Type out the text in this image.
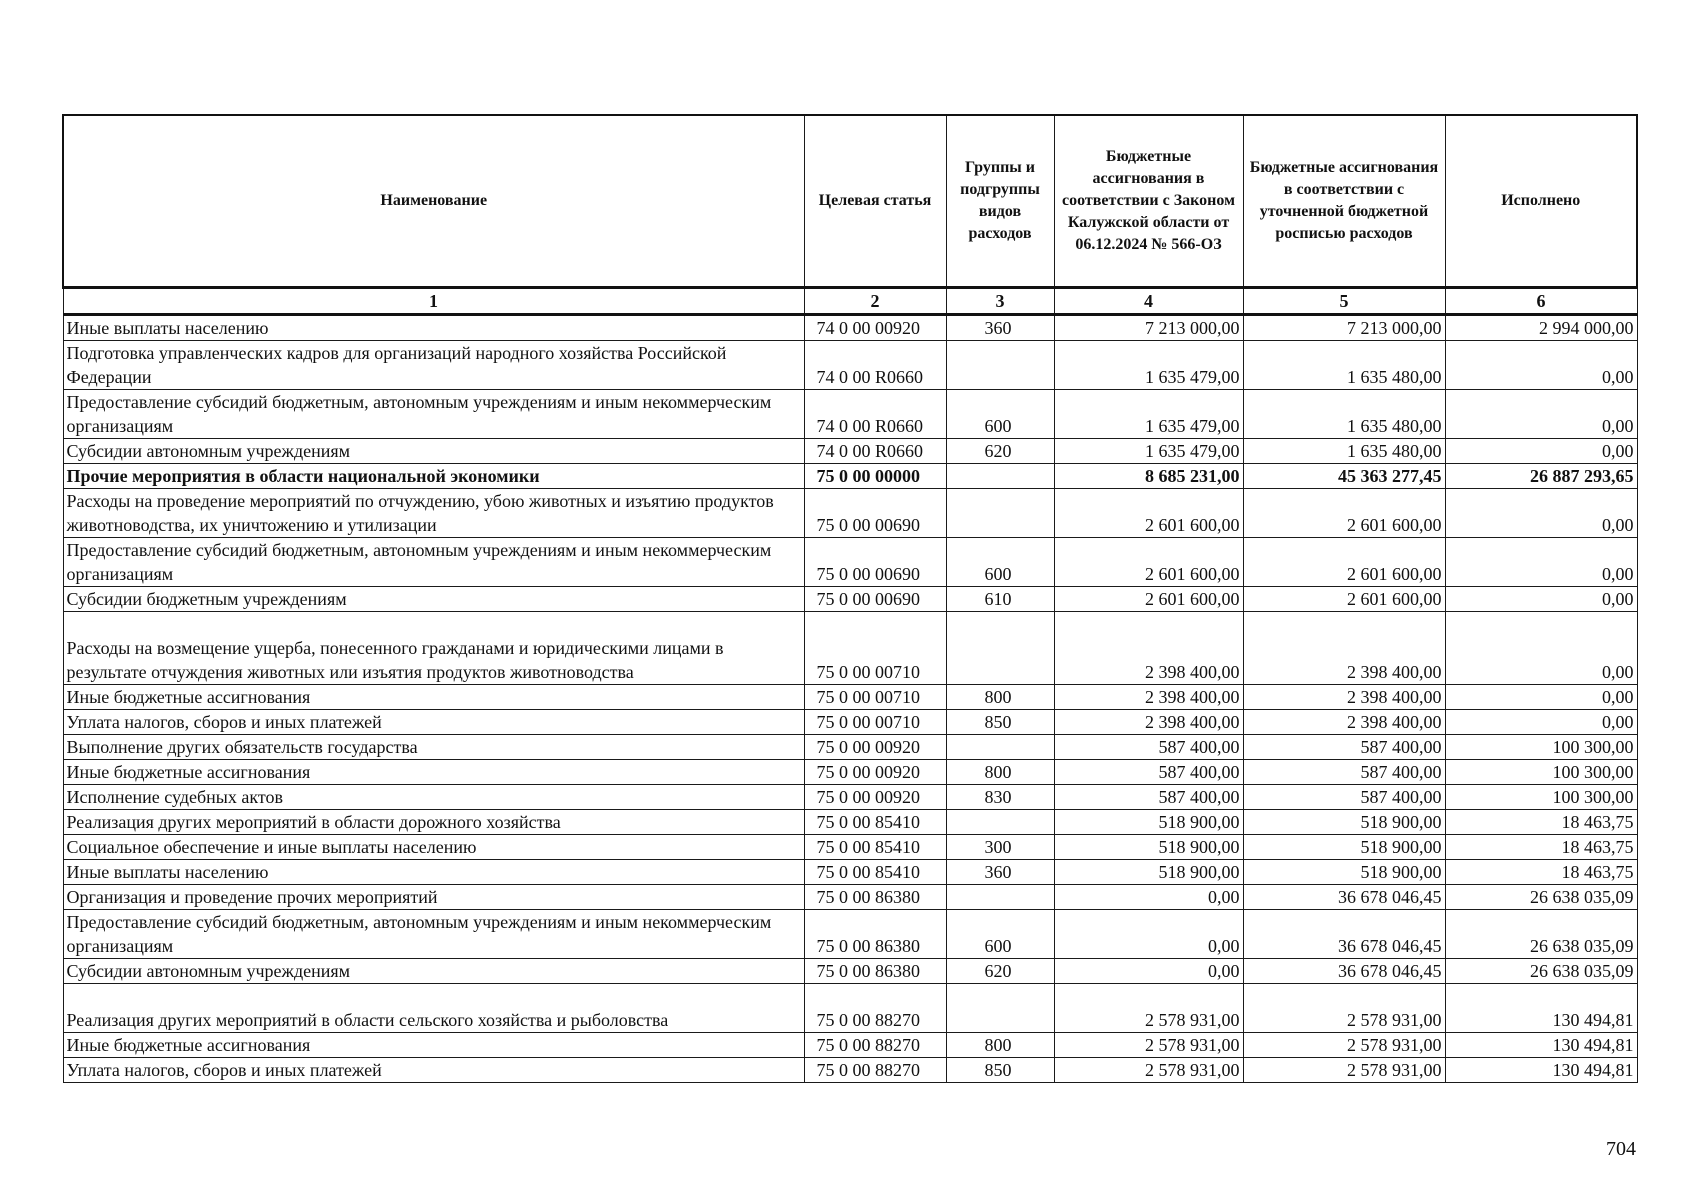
Наименование	Целевая статья	Группы и подгруппы видов расходов	Бюджетные ассигнования в соответствии с Законом Калужской области от 06.12.2024 № 566-ОЗ	Бюджетные ассигнования в соответствии с уточненной бюджетной росписью расходов	Исполнено
1	2	3	4	5	6
Иные выплаты населению	74 0 00 00920	360	7 213 000,00	7 213 000,00	2 994 000,00
Подготовка управленческих кадров для организаций народного хозяйства Российской Федерации	74 0 00 R0660		1 635 479,00	1 635 480,00	0,00
Предоставление субсидий бюджетным, автономным учреждениям и иным некоммерческим организациям	74 0 00 R0660	600	1 635 479,00	1 635 480,00	0,00
Субсидии автономным учреждениям	74 0 00 R0660	620	1 635 479,00	1 635 480,00	0,00
Прочие мероприятия в области национальной экономики	75 0 00 00000		8 685 231,00	45 363 277,45	26 887 293,65
Расходы на проведение мероприятий по отчуждению, убою животных и изъятию продуктов животноводства, их уничтожению и утилизации	75 0 00 00690		2 601 600,00	2 601 600,00	0,00
Предоставление субсидий бюджетным, автономным учреждениям и иным некоммерческим организациям	75 0 00 00690	600	2 601 600,00	2 601 600,00	0,00
Субсидии бюджетным учреждениям	75 0 00 00690	610	2 601 600,00	2 601 600,00	0,00
Расходы на возмещение ущерба, понесенного гражданами и юридическими лицами в результате отчуждения животных или изъятия продуктов животноводства	75 0 00 00710		2 398 400,00	2 398 400,00	0,00
Иные бюджетные ассигнования	75 0 00 00710	800	2 398 400,00	2 398 400,00	0,00
Уплата налогов, сборов и иных платежей	75 0 00 00710	850	2 398 400,00	2 398 400,00	0,00
Выполнение других обязательств государства	75 0 00 00920		587 400,00	587 400,00	100 300,00
Иные бюджетные ассигнования	75 0 00 00920	800	587 400,00	587 400,00	100 300,00
Исполнение судебных актов	75 0 00 00920	830	587 400,00	587 400,00	100 300,00
Реализация других мероприятий в области дорожного хозяйства	75 0 00 85410		518 900,00	518 900,00	18 463,75
Социальное обеспечение и иные выплаты населению	75 0 00 85410	300	518 900,00	518 900,00	18 463,75
Иные выплаты населению	75 0 00 85410	360	518 900,00	518 900,00	18 463,75
Организация и проведение прочих мероприятий	75 0 00 86380		0,00	36 678 046,45	26 638 035,09
Предоставление субсидий бюджетным, автономным учреждениям и иным некоммерческим организациям	75 0 00 86380	600	0,00	36 678 046,45	26 638 035,09
Субсидии автономным учреждениям	75 0 00 86380	620	0,00	36 678 046,45	26 638 035,09
Реализация других мероприятий в области сельского хозяйства и рыболовства	75 0 00 88270		2 578 931,00	2 578 931,00	130 494,81
Иные бюджетные ассигнования	75 0 00 88270	800	2 578 931,00	2 578 931,00	130 494,81
Уплата налогов, сборов и иных платежей	75 0 00 88270	850	2 578 931,00	2 578 931,00	130 494,81
704
